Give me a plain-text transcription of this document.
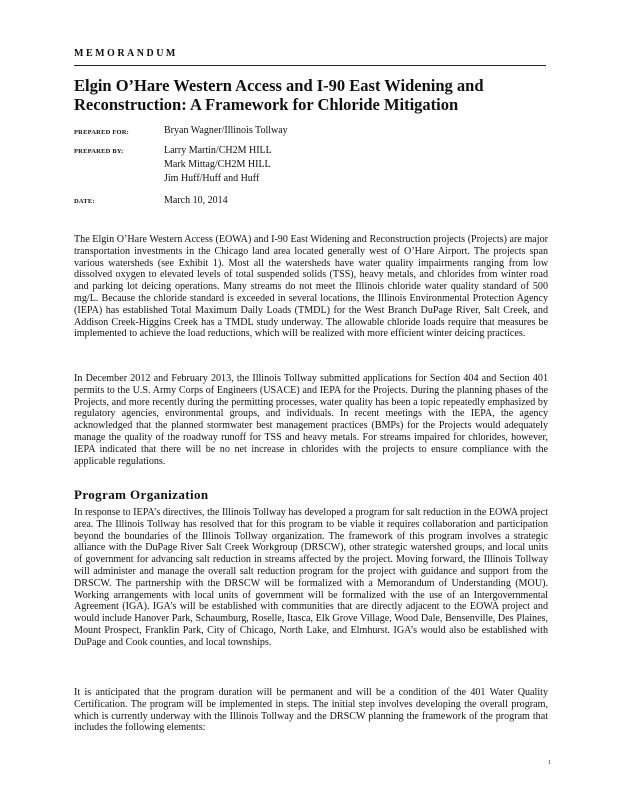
MEMORANDUM
Elgin O’Hare Western Access and I-90 East Widening and Reconstruction: A Framework for Chloride Mitigation
PREPARED FOR:	Bryan Wagner/Illinois Tollway
PREPARED BY:	Larry Martin/CH2M HILL
Mark Mittag/CH2M HILL
Jim Huff/Huff and Huff
DATE:	March 10, 2014

The Elgin O’Hare Western Access (EOWA) and I-90 East Widening and Reconstruction projects (Projects) are major transportation investments in the Chicago land area located generally west of O’Hare Airport. The projects span various watersheds (see Exhibit 1). Most all the watersheds have water quality impairments ranging from low dissolved oxygen to elevated levels of total suspended solids (TSS), heavy metals, and chlorides from winter road and parking lot deicing operations. Many streams do not meet the Illinois chloride water quality standard of 500 mg/L. Because the chloride standard is exceeded in several locations, the Illinois Environmental Protection Agency (IEPA) has established Total Maximum Daily Loads (TMDL) for the West Branch DuPage River, Salt Creek, and Addison Creek-Higgins Creek has a TMDL study underway. The allowable chloride loads require that measures be implemented to achieve the load reductions, which will be realized with more efficient winter deicing practices.

In December 2012 and February 2013, the Illinois Tollway submitted applications for Section 404 and Section 401 permits to the U.S. Army Corps of Engineers (USACE) and IEPA for the Projects. During the planning phases of the Projects, and more recently during the permitting processes, water quality has been a topic repeatedly emphasized by regulatory agencies, environmental groups, and individuals. In recent meetings with the IEPA, the agency acknowledged that the planned stormwater best management practices (BMPs) for the Projects would adequately manage the quality of the roadway runoff for TSS and heavy metals. For streams impaired for chlorides, however, IEPA indicated that there will be no net increase in chlorides with the projects to ensure compliance with the applicable regulations.

Program Organization

In response to IEPA’s directives, the Illinois Tollway has developed a program for salt reduction in the EOWA project area. The Illinois Tollway has resolved that for this program to be viable it requires collaboration and participation beyond the boundaries of the Illinois Tollway organization. The framework of this program involves a strategic alliance with the DuPage River Salt Creek Workgroup (DRSCW), other strategic watershed groups, and local units of government for advancing salt reduction in streams affected by the project. Moving forward, the Illinois Tollway will administer and manage the overall salt reduction program for the project with guidance and support from the DRSCW. The partnership with the DRSCW will be formalized with a Memorandum of Understanding (MOU). Working arrangements with local units of government will be formalized with the use of an Intergovernmental Agreement (IGA). IGA’s will be established with communities that are directly adjacent to the EOWA project and would include Hanover Park, Schaumburg, Roselle, Itasca, Elk Grove Village, Wood Dale, Bensenville, Des Plaines, Mount Prospect, Franklin Park, City of Chicago, North Lake, and Elmhurst. IGA’s would also be established with DuPage and Cook counties, and local townships.

It is anticipated that the program duration will be permanent and will be a condition of the 401 Water Quality Certification. The program will be implemented in steps. The initial step involves developing the overall program, which is currently underway with the Illinois Tollway and the DRSCW planning the framework of the program that includes the following elements:

1
